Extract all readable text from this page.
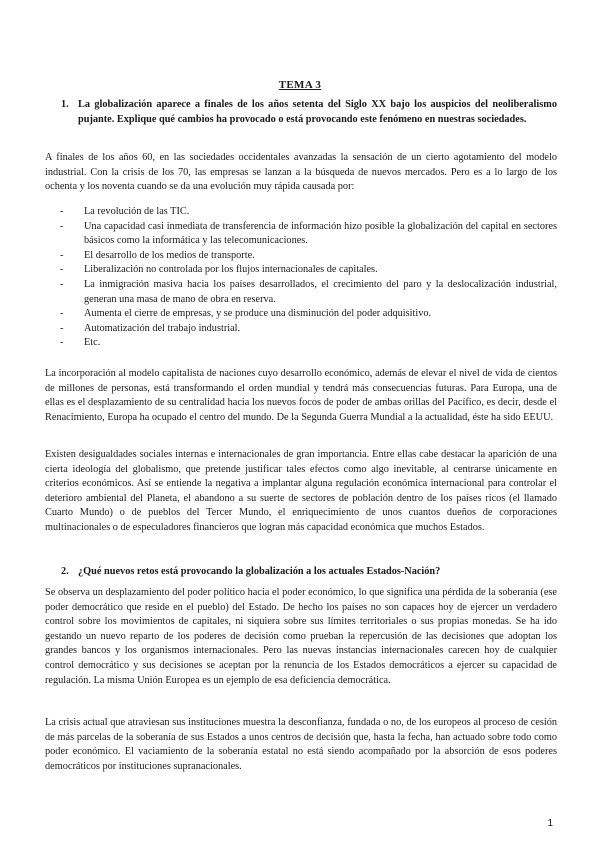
TEMA 3
1. La globalización aparece a finales de los años setenta del Siglo XX bajo los auspicios del neoliberalismo pujante. Explique qué cambios ha provocado o está provocando este fenómeno en nuestras sociedades.
A finales de los años 60, en las sociedades occidentales avanzadas la sensación de un cierto agotamiento del modelo industrial. Con la crisis de los 70, las empresas se lanzan a la búsqueda de nuevos mercados. Pero es a lo largo de los ochenta y los noventa cuando se da una evolución muy rápida causada por:
- La revolución de las TIC.
- Una capacidad casi inmediata de transferencia de información hizo posible la globalización del capital en sectores básicos como la informática y las telecomunicaciones.
- El desarrollo de los medios de transporte.
- Liberalización no controlada por los flujos internacionales de capitales.
- La inmigración masiva hacia los países desarrollados, el crecimiento del paro y la deslocalización industrial, generan una masa de mano de obra en reserva.
- Aumenta el cierre de empresas, y se produce una disminución del poder adquisitivo.
- Automatización del trabajo industrial.
- Etc.
La incorporación al modelo capitalista de naciones cuyo desarrollo económico, además de elevar el nivel de vida de cientos de millones de personas, está transformando el orden mundial y tendrá más consecuencias futuras. Para Europa, una de ellas es el desplazamiento de su centralidad hacia los nuevos focos de poder de ambas orillas del Pacífico, es decir, desde el Renacimiento, Europa ha ocupado el centro del mundo. De la Segunda Guerra Mundial a la actualidad, éste ha sido EEUU.
Existen desigualdades sociales internas e internacionales de gran importancia. Entre ellas cabe destacar la aparición de una cierta ideología del globalismo, que pretende justificar tales efectos como algo inevitable, al centrarse únicamente en criterios económicos. Así se entiende la negativa a implantar alguna regulación económica internacional para controlar el deterioro ambiental del Planeta, el abandono a su suerte de sectores de población dentro de los países ricos (el llamado Cuarto Mundo) o de pueblos del Tercer Mundo, el enriquecimiento de unos cuantos dueños de corporaciones multinacionales o de especuladores financieros que logran más capacidad económica que muchos Estados.
2. ¿Qué nuevos retos está provocando la globalización a los actuales Estados-Nación?
Se observa un desplazamiento del poder político hacia el poder económico, lo que significa una pérdida de la soberanía (ese poder democrático que reside en el pueblo) del Estado. De hecho los países no son capaces hoy de ejercer un verdadero control sobre los movimientos de capitales, ni siquiera sobre sus límites territoriales o sus propias monedas. Se ha ido gestando un nuevo reparto de los poderes de decisión como prueban la repercusión de las decisiones que adoptan los grandes bancos y los organismos internacionales. Pero las nuevas instancias internacionales carecen hoy de cualquier control democrático y sus decisiones se aceptan por la renuncia de los Estados democráticos a ejercer su capacidad de regulación. La misma Unión Europea es un ejemplo de esa deficiencia democrática.
La crisis actual que atraviesan sus instituciones muestra la desconfianza, fundada o no, de los europeos al proceso de cesión de más parcelas de la soberanía de sus Estados a unos centros de decisión que, hasta la fecha, han actuado sobre todo como poder económico. El vaciamiento de la soberanía estatal no está siendo acompañado por la absorción de esos poderes democráticos por instituciones supranacionales.
1
